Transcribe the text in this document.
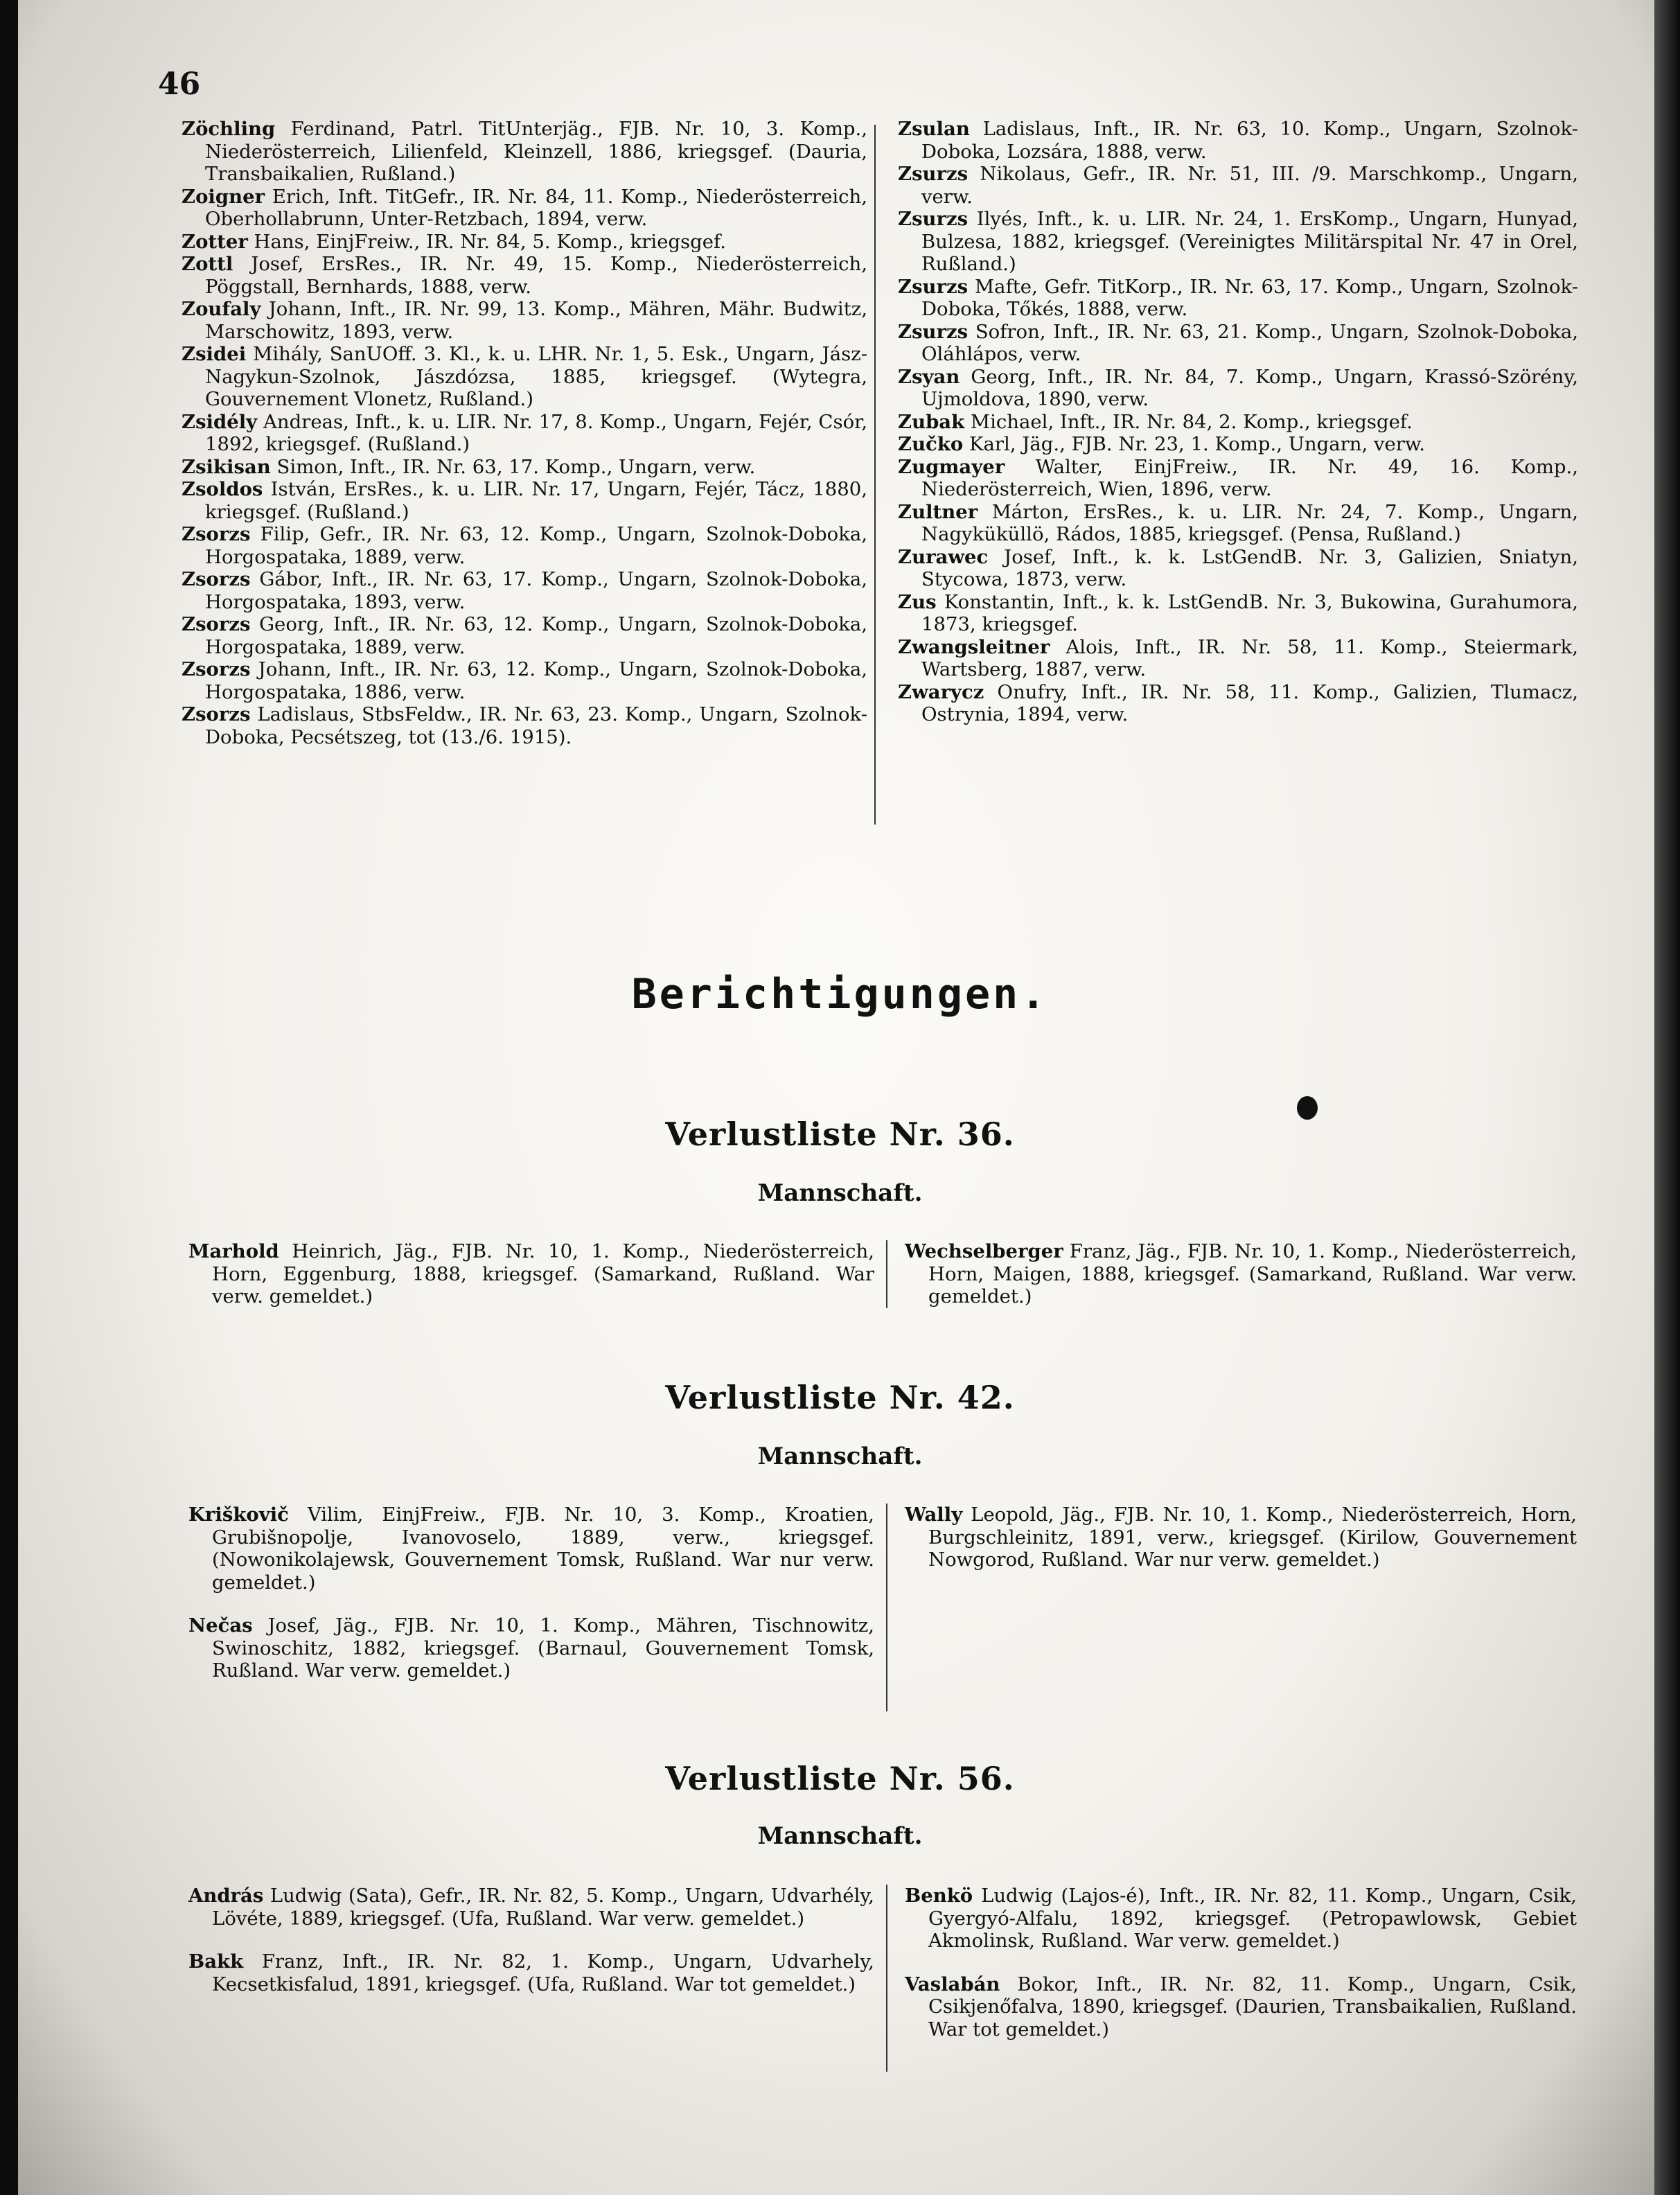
46

Zöchling Ferdinand, Patrl. TitUnterjäg., FJB. Nr. 10, 3. Komp., Niederösterreich, Lilienfeld, Kleinzell, 1886, kriegsgef. (Dauria, Transbaikalien, Rußland.)

Zoigner Erich, Inft. TitGefr., IR. Nr. 84, 11. Komp., Niederösterreich, Oberhollabrunn, Unter-Retzbach, 1894, verw.

Zotter Hans, EinjFreiw., IR. Nr. 84, 5. Komp., kriegsgef.

Zottl Josef, ErsRes., IR. Nr. 49, 15. Komp., Niederösterreich, Pöggstall, Bernhards, 1888, verw.

Zoufaly Johann, Inft., IR. Nr. 99, 13. Komp., Mähren, Mähr. Budwitz, Marschowitz, 1893, verw.

Zsidei Mihály, SanUOff. 3. Kl., k. u. LHR. Nr. 1, 5. Esk., Ungarn, Jász-Nagykun-Szolnok, Jászdózsa, 1885, kriegsgef. (Wytegra, Gouvernement Vlonetz, Rußland.)

Zsidély Andreas, Inft., k. u. LIR. Nr. 17, 8. Komp., Ungarn, Fejér, Csór, 1892, kriegsgef. (Rußland.)

Zsikisan Simon, Inft., IR. Nr. 63, 17. Komp., Ungarn, verw.

Zsoldos István, ErsRes., k. u. LIR. Nr. 17, Ungarn, Fejér, Tácz, 1880, kriegsgef. (Rußland.)

Zsorzs Filip, Gefr., IR. Nr. 63, 12. Komp., Ungarn, Szolnok-Doboka, Horgospataka, 1889, verw.

Zsorzs Gábor, Inft., IR. Nr. 63, 17. Komp., Ungarn, Szolnok-Doboka, Horgospataka, 1893, verw.

Zsorzs Georg, Inft., IR. Nr. 63, 12. Komp., Ungarn, Szolnok-Doboka, Horgospataka, 1889, verw.

Zsorzs Johann, Inft., IR. Nr. 63, 12. Komp., Ungarn, Szolnok-Doboka, Horgospataka, 1886, verw.

Zsorzs Ladislaus, StbsFeldw., IR. Nr. 63, 23. Komp., Ungarn, Szolnok-Doboka, Pecsétszeg, tot (13./6. 1915).

Zsulan Ladislaus, Inft., IR. Nr. 63, 10. Komp., Ungarn, Szolnok-Doboka, Lozsára, 1888, verw.

Zsurzs Nikolaus, Gefr., IR. Nr. 51, III. /9. Marschkomp., Ungarn, verw.

Zsurzs Ilyés, Inft., k. u. LIR. Nr. 24, 1. ErsKomp., Ungarn, Hunyad, Bulzesa, 1882, kriegsgef. (Vereinigtes Militärspital Nr. 47 in Orel, Rußland.)

Zsurzs Mafte, Gefr. TitKorp., IR. Nr. 63, 17. Komp., Ungarn, Szolnok-Doboka, Tőkés, 1888, verw.

Zsurzs Sofron, Inft., IR. Nr. 63, 21. Komp., Ungarn, Szolnok-Doboka, Oláhlápos, verw.

Zsyan Georg, Inft., IR. Nr. 84, 7. Komp., Ungarn, Krassó-Szörény, Ujmoldova, 1890, verw.

Zubak Michael, Inft., IR. Nr. 84, 2. Komp., kriegsgef.

Zučko Karl, Jäg., FJB. Nr. 23, 1. Komp., Ungarn, verw.

Zugmayer Walter, EinjFreiw., IR. Nr. 49, 16. Komp., Niederösterreich, Wien, 1896, verw.

Zultner Márton, ErsRes., k. u. LIR. Nr. 24, 7. Komp., Ungarn, Nagyküküllö, Rádos, 1885, kriegsgef. (Pensa, Rußland.)

Zurawec Josef, Inft., k. k. LstGendB. Nr. 3, Galizien, Sniatyn, Stycowa, 1873, verw.

Zus Konstantin, Inft., k. k. LstGendB. Nr. 3, Bukowina, Gurahumora, 1873, kriegsgef.

Zwangsleitner Alois, Inft., IR. Nr. 58, 11. Komp., Steiermark, Wartsberg, 1887, verw.

Zwarycz Onufry, Inft., IR. Nr. 58, 11. Komp., Galizien, Tlumacz, Ostrynia, 1894, verw.

Berichtigungen.
Verlustliste Nr. 36.
Mannschaft.

Marhold Heinrich, Jäg., FJB. Nr. 10, 1. Komp., Niederösterreich, Horn, Eggenburg, 1888, kriegsgef. (Samarkand, Rußland. War verw. gemeldet.)

Wechselberger Franz, Jäg., FJB. Nr. 10, 1. Komp., Niederösterreich, Horn, Maigen, 1888, kriegsgef. (Samarkand, Rußland. War verw. gemeldet.)

Verlustliste Nr. 42.
Mannschaft.

Kriškovič Vilim, EinjFreiw., FJB. Nr. 10, 3. Komp., Kroatien, Grubišnopolje, Ivanovoselo, 1889, verw., kriegsgef. (Nowonikolajewsk, Gouvernement Tomsk, Rußland. War nur verw. gemeldet.)

Nečas Josef, Jäg., FJB. Nr. 10, 1. Komp., Mähren, Tischnowitz, Swinoschitz, 1882, kriegsgef. (Barnaul, Gouvernement Tomsk, Rußland. War verw. gemeldet.)

Wally Leopold, Jäg., FJB. Nr. 10, 1. Komp., Niederösterreich, Horn, Burgschleinitz, 1891, verw., kriegsgef. (Kirilow, Gouvernement Nowgorod, Rußland. War nur verw. gemeldet.)

Verlustliste Nr. 56.
Mannschaft.

András Ludwig (Sata), Gefr., IR. Nr. 82, 5. Komp., Ungarn, Udvarhély, Lövéte, 1889, kriegsgef. (Ufa, Rußland. War verw. gemeldet.)

Bakk Franz, Inft., IR. Nr. 82, 1. Komp., Ungarn, Udvarhely, Kecsetkisfalud, 1891, kriegsgef. (Ufa, Rußland. War tot gemeldet.)

Benkö Ludwig (Lajos-é), Inft., IR. Nr. 82, 11. Komp., Ungarn, Csik, Gyergyó-Alfalu, 1892, kriegsgef. (Petropawlowsk, Gebiet Akmolinsk, Rußland. War verw. gemeldet.)

Vaslabán Bokor, Inft., IR. Nr. 82, 11. Komp., Ungarn, Csik, Csikjenőfalva, 1890, kriegsgef. (Daurien, Transbaikalien, Rußland. War tot gemeldet.)
